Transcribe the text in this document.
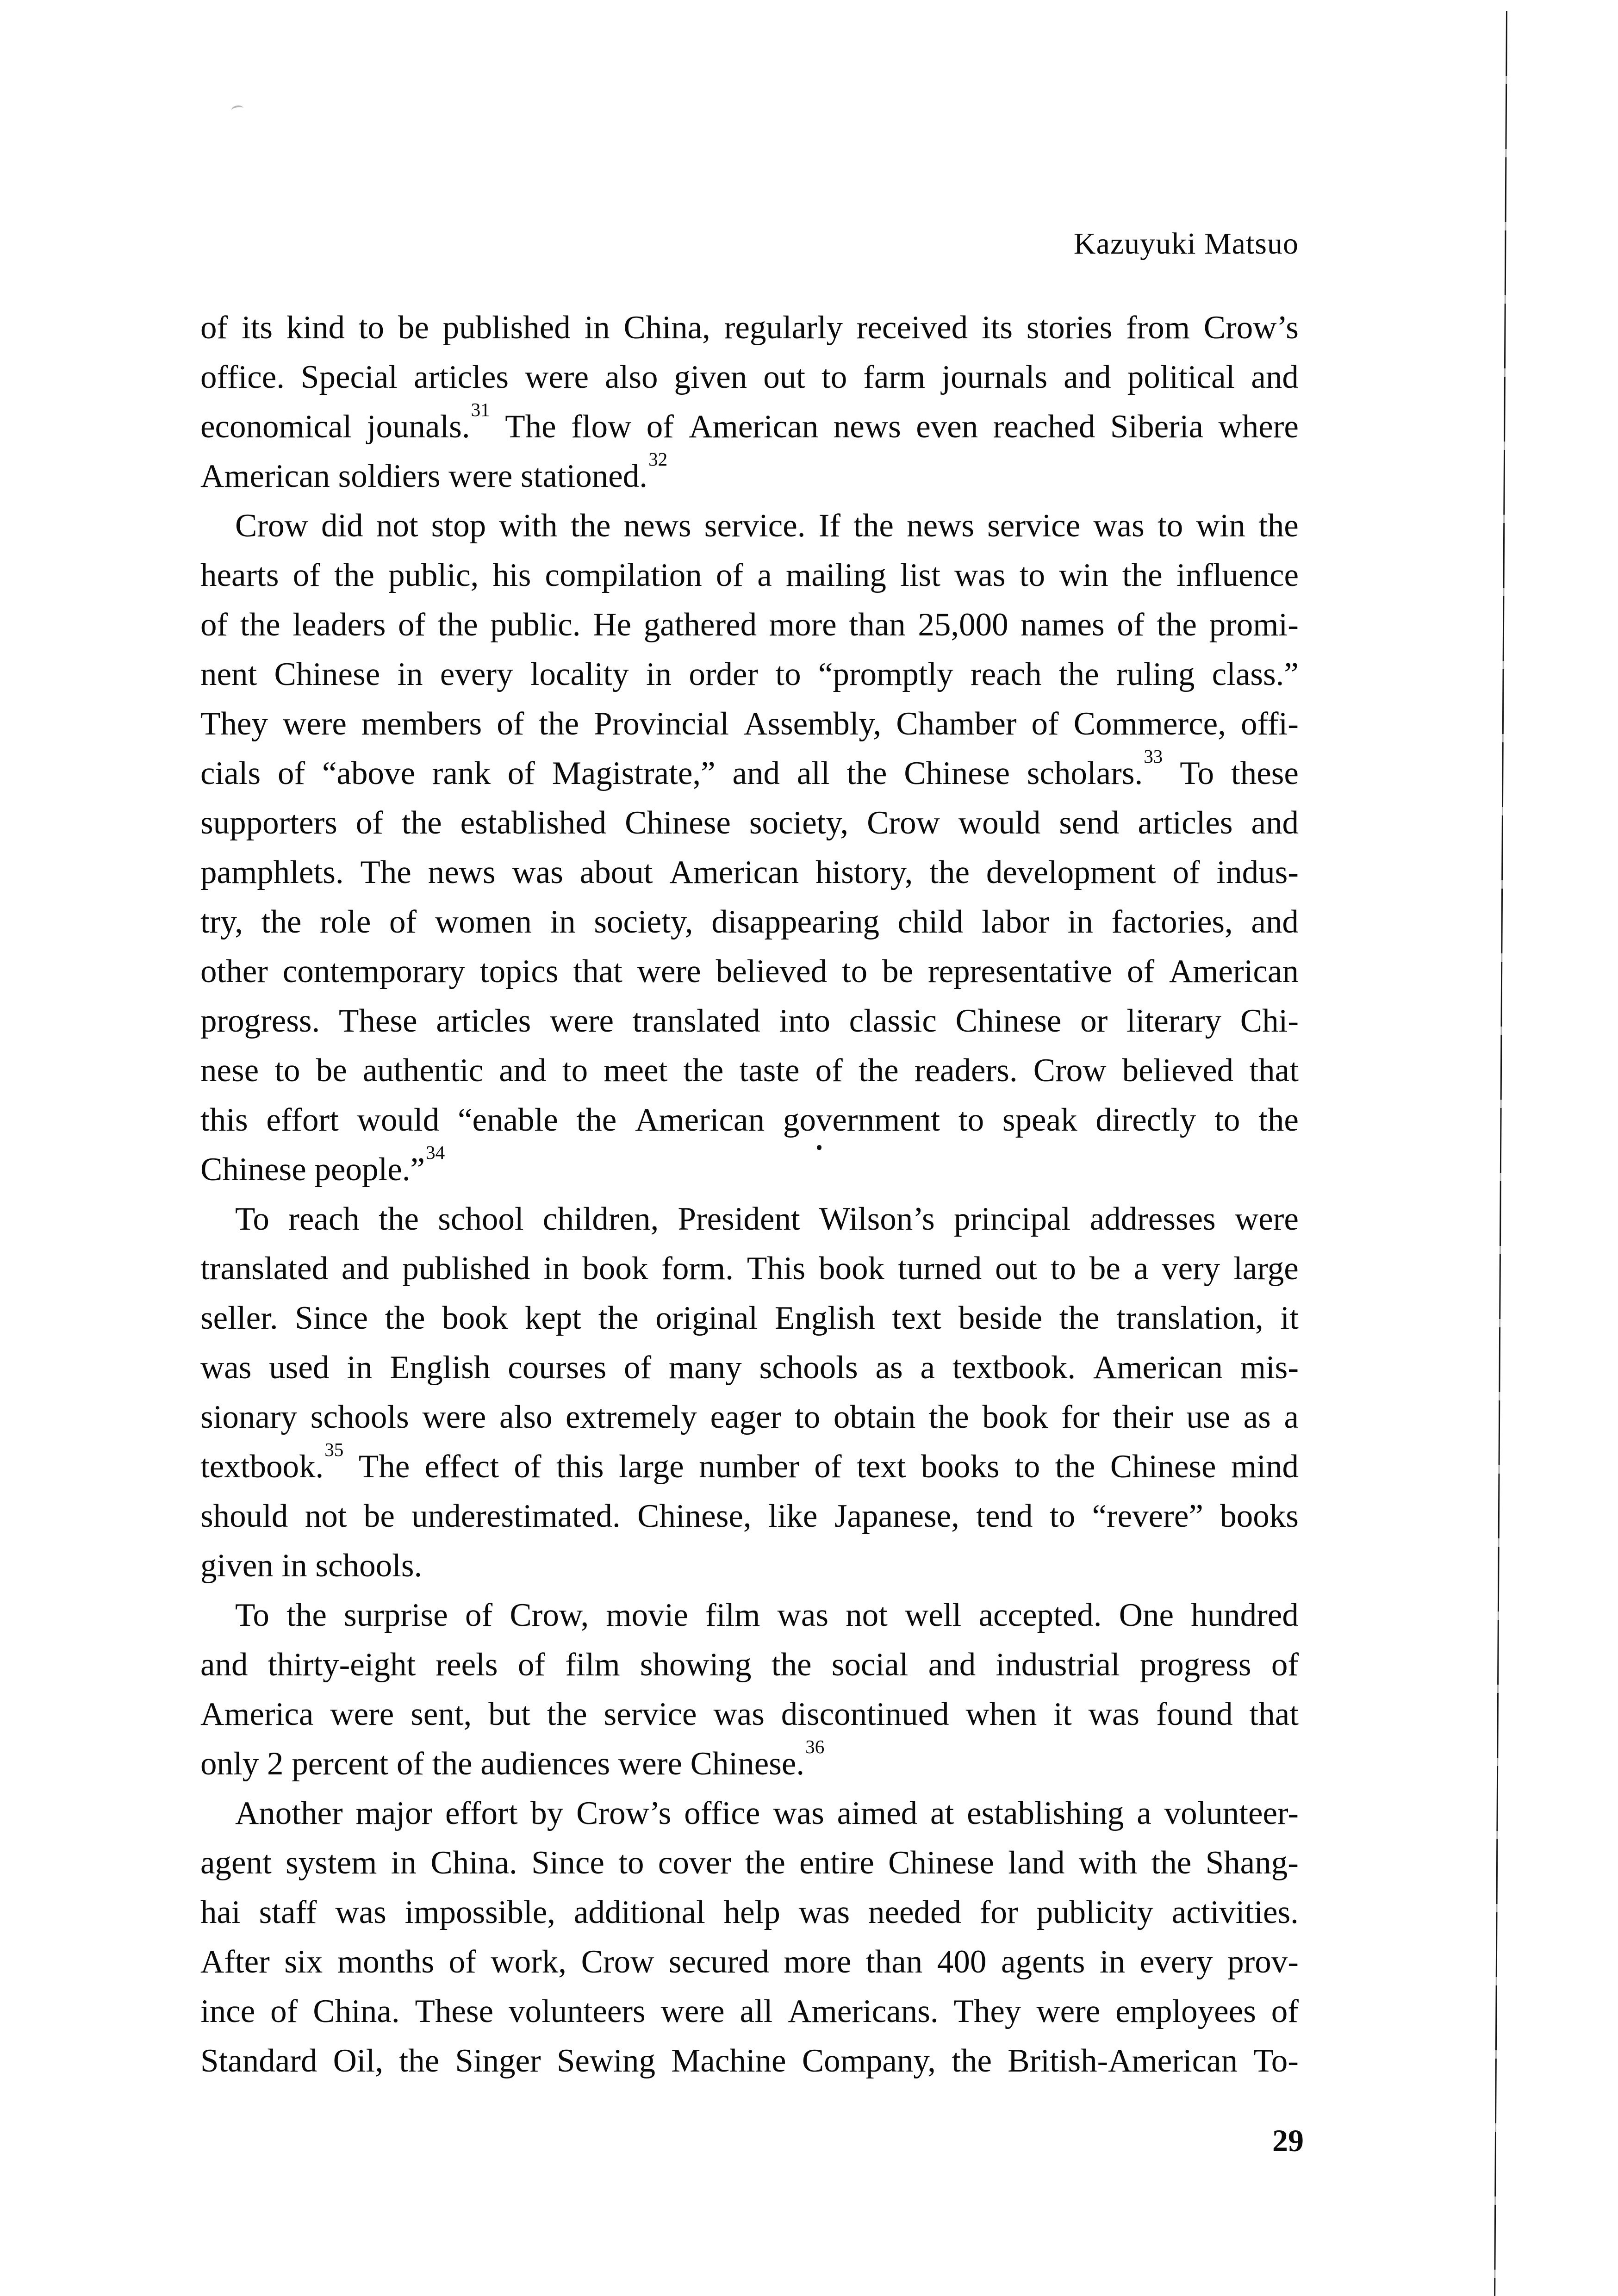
Kazuyuki Matsuo
of its kind to be published in China, regularly received its stories from Crow’s
office. Special articles were also given out to farm journals and political and
economical jounals.$^{31}$ The flow of American news even reached Siberia where
American soldiers were stationed.$^{32}$
Crow did not stop with the news service. If the news service was to win the
hearts of the public, his compilation of a mailing list was to win the influence
of the leaders of the public. He gathered more than 25,000 names of the promi-
nent Chinese in every locality in order to “promptly reach the ruling class.”
They were members of the Provincial Assembly, Chamber of Commerce, offi-
cials of “above rank of Magistrate,” and all the Chinese scholars.$^{33}$ To these
supporters of the established Chinese society, Crow would send articles and
pamphlets. The news was about American history, the development of indus-
try, the role of women in society, disappearing child labor in factories, and
other contemporary topics that were believed to be representative of American
progress. These articles were translated into classic Chinese or literary Chi-
nese to be authentic and to meet the taste of the readers. Crow believed that
this effort would “enable the American government to speak directly to the
Chinese people.”$^{34}$
To reach the school children, President Wilson’s principal addresses were
translated and published in book form. This book turned out to be a very large
seller. Since the book kept the original English text beside the translation, it
was used in English courses of many schools as a textbook. American mis-
sionary schools were also extremely eager to obtain the book for their use as a
textbook.$^{35}$ The effect of this large number of text books to the Chinese mind
should not be underestimated. Chinese, like Japanese, tend to “revere” books
given in schools.
To the surprise of Crow, movie film was not well accepted. One hundred
and thirty-eight reels of film showing the social and industrial progress of
America were sent, but the service was discontinued when it was found that
only 2 percent of the audiences were Chinese.$^{36}$
Another major effort by Crow’s office was aimed at establishing a volunteer-
agent system in China. Since to cover the entire Chinese land with the Shang-
hai staff was impossible, additional help was needed for publicity activities.
After six months of work, Crow secured more than 400 agents in every prov-
ince of China. These volunteers were all Americans. They were employees of
Standard Oil, the Singer Sewing Machine Company, the British-American To-
29
